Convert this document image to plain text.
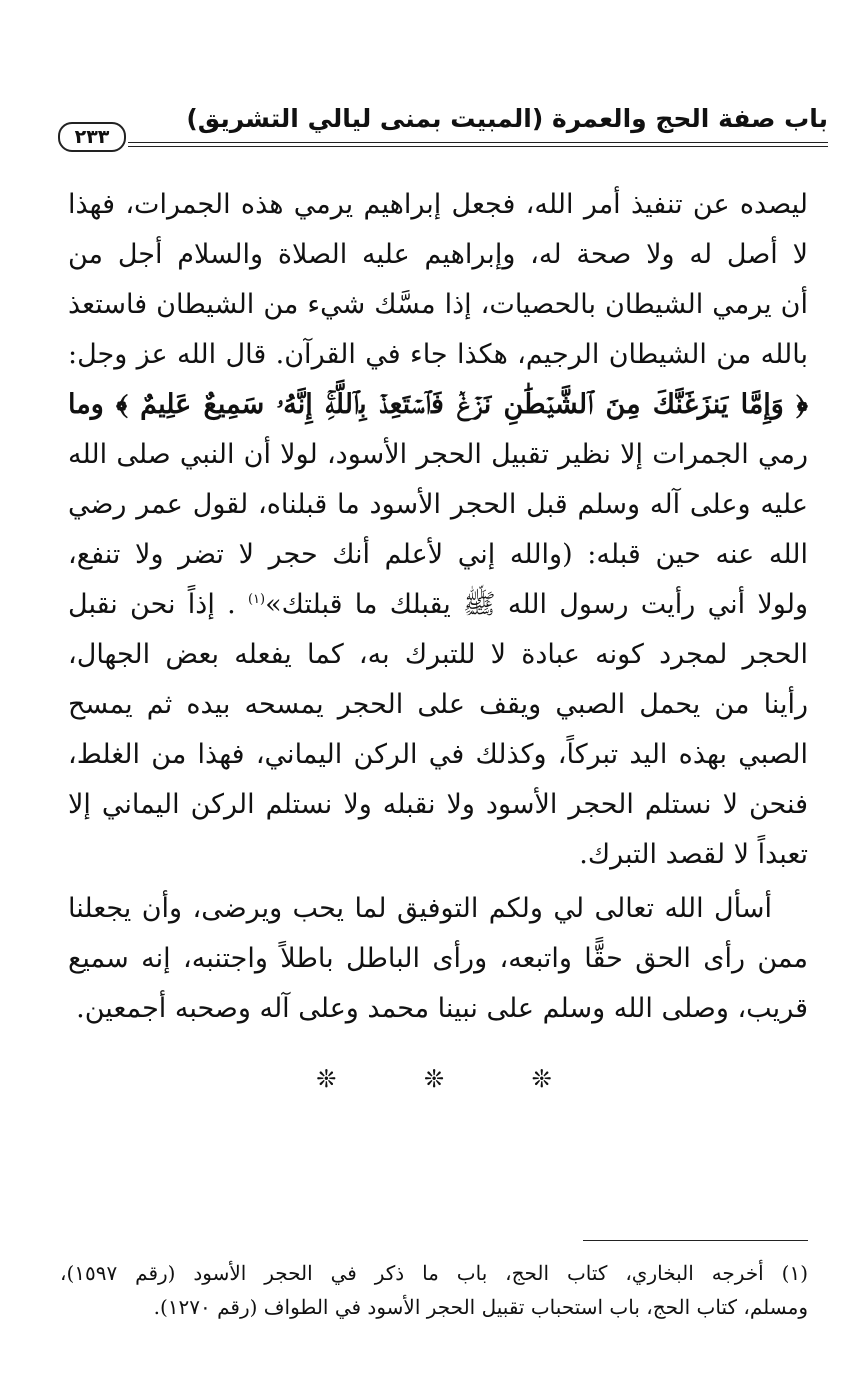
باب صفة الحج والعمرة (المبيت بمنى ليالي التشريق)
٢٣٣
ليصده عن تنفيذ أمر الله، فجعل إبراهيم يرمي هذه الجمرات، فهذا
لا أصل له ولا صحة له، وإبراهيم عليه الصلاة والسلام أجل من
أن يرمي الشيطان بالحصيات، إذا مسَّك شيء من الشيطان فاستعذ
بالله من الشيطان الرجيم، هكذا جاء في القرآن. قال الله عز وجل:
﴿ وَإِمَّا يَنزَغَنَّكَ مِنَ ٱلشَّيۡطَٰنِ نَزۡغٞ فَٱسۡتَعِذۡ بِٱللَّهِۚ إِنَّهُۥ سَمِيعٌ عَلِيمٌ ﴾ وما
رمي الجمرات إلا نظير تقبيل الحجر الأسود، لولا أن النبي صلى الله
عليه وعلى آله وسلم قبل الحجر الأسود ما قبلناه، لقول عمر رضي
الله عنه حين قبله: (والله إني لأعلم أنك حجر لا تضر ولا تنفع،
ولولا أني رأيت رسول الله ﷺ يقبلك ما قبلتك»$^{(١)}$ . إذاً نحن نقبل
الحجر لمجرد كونه عبادة لا للتبرك به، كما يفعله بعض الجهال،
رأينا من يحمل الصبي ويقف على الحجر يمسحه بيده ثم يمسح
الصبي بهذه اليد تبركاً، وكذلك في الركن اليماني، فهذا من الغلط،
فنحن لا نستلم الحجر الأسود ولا نقبله ولا نستلم الركن اليماني إلا
تعبداً لا لقصد التبرك.
أسأل الله تعالى لي ولكم التوفيق لما يحب ويرضى، وأن يجعلنا
ممن رأى الحق حقًّا واتبعه، ورأى الباطل باطلاً واجتنبه، إنه سميع
قريب، وصلى الله وسلم على نبينا محمد وعلى آله وصحبه أجمعين.
❊ ❊ ❊
(١) أخرجه البخاري، كتاب الحج، باب ما ذكر في الحجر الأسود (رقم ١٥٩٧)،
ومسلم، كتاب الحج، باب استحباب تقبيل الحجر الأسود في الطواف (رقم ١٢٧٠).
